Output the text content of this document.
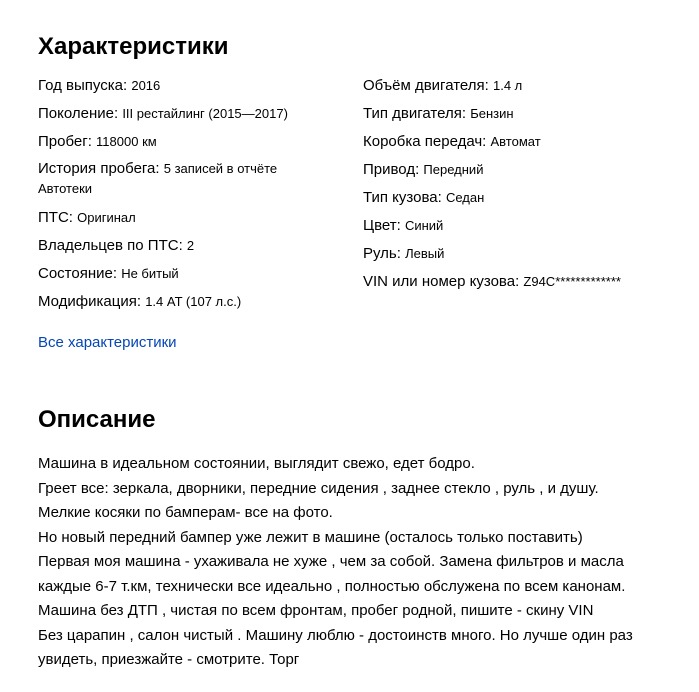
Характеристики
Год выпуска: 2016
Поколение: III рестайлинг (2015—2017)
Пробег: 118000 км
История пробега: 5 записей в отчёте
Автотеки
ПТС: Оригинал
Владельцев по ПТС: 2
Состояние: Не битый
Модификация: 1.4 AT (107 л.с.)
Объём двигателя: 1.4 л
Тип двигателя: Бензин
Коробка передач: Автомат
Привод: Передний
Тип кузова: Седан
Цвет: Синий
Руль: Левый
VIN или номер кузова: Z94C*************
Все характеристики
Описание

Машина в идеальном состоянии, выглядит свежо, едет бодро.

Греет все: зеркала, дворники, передние сидения , заднее стекло , руль , и душу.

Мелкие косяки по бамперам- все на фото.

Но новый передний бампер уже лежит в машине (осталось только поставить)

Первая моя машина - ухаживала не хуже , чем за собой. Замена фильтров и масла

каждые 6-7 т.км, технически все идеально , полностью обслужена по всем канонам.

Машина без ДТП , чистая по всем фронтам, пробег родной, пишите - скину VIN

Без царапин , салон чистый . Машину люблю - достоинств много. Но лучше один раз

увидеть, приезжайте - смотрите. Торг
